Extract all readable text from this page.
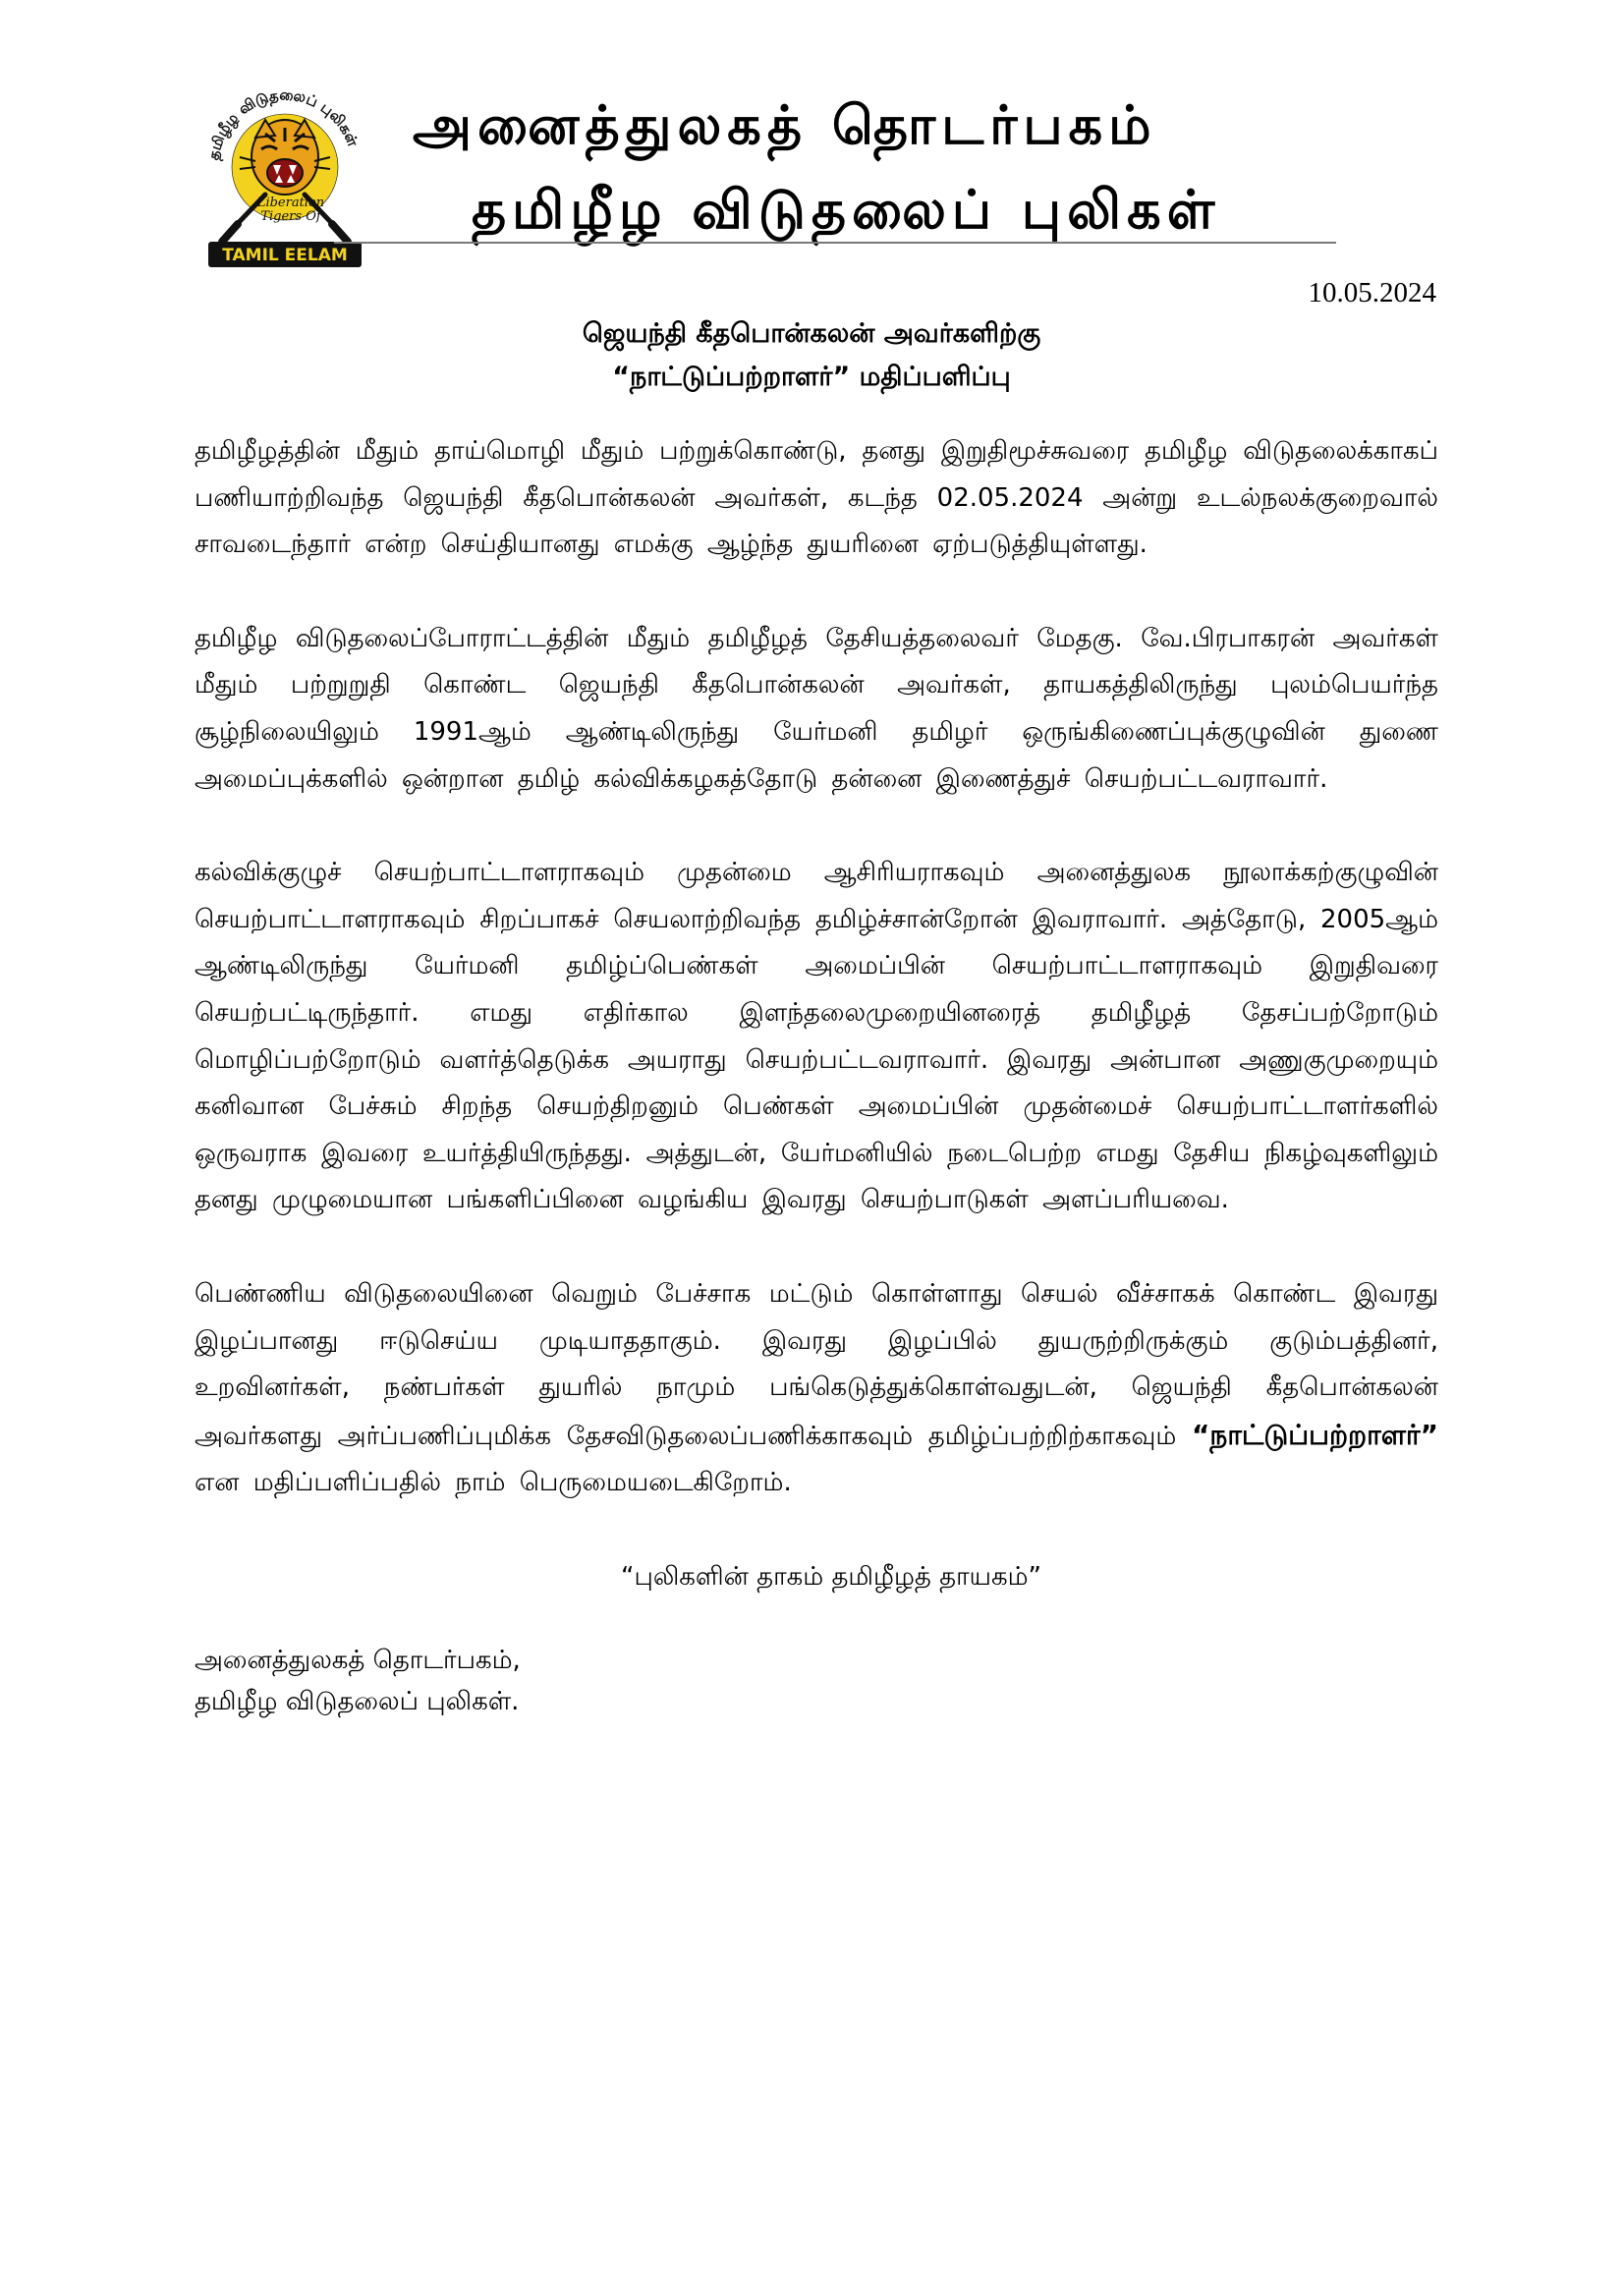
தமிழீழ விடுதலைப் புலிகள்
Liberation
Tigers Of
TAMIL EELAM
அனைத்துலகத் தொடர்பகம்
தமிழீழ விடுதலைப் புலிகள்
10.05.2024
ஜெயந்தி கீதபொன்கலன் அவர்களிற்கு
“நாட்டுப்பற்றாளர்” மதிப்பளிப்பு

தமிழீழத்தின் மீதும் தாய்மொழி மீதும் பற்றுக்கொண்டு, தனது இறுதிமூச்சுவரை தமிழீழ விடுதலைக்காகப் பணியாற்றிவந்த ஜெயந்தி கீதபொன்கலன் அவர்கள், கடந்த 02.05.2024 அன்று உடல்நலக்குறைவால் சாவடைந்தார் என்ற செய்தியானது எமக்கு ஆழ்ந்த துயரினை ஏற்படுத்தியுள்ளது.

தமிழீழ விடுதலைப்போராட்டத்தின் மீதும் தமிழீழத் தேசியத்தலைவர் மேதகு. வே.பிரபாகரன் அவர்கள் மீதும் பற்றுறுதி கொண்ட ஜெயந்தி கீதபொன்கலன் அவர்கள், தாயகத்திலிருந்து புலம்பெயர்ந்த சூழ்நிலையிலும் 1991ஆம் ஆண்டிலிருந்து யேர்மனி தமிழர் ஒருங்கிணைப்புக்குழுவின் துணை அமைப்புக்களில் ஒன்றான தமிழ் கல்விக்கழகத்தோடு தன்னை இணைத்துச் செயற்பட்டவராவார்.

கல்விக்குழுச் செயற்பாட்டாளராகவும் முதன்மை ஆசிரியராகவும் அனைத்துலக நூலாக்கற்குழுவின் செயற்பாட்டாளராகவும் சிறப்பாகச் செயலாற்றிவந்த தமிழ்ச்சான்றோன் இவராவார். அத்தோடு, 2005ஆம் ஆண்டிலிருந்து யேர்மனி தமிழ்ப்பெண்கள் அமைப்பின் செயற்பாட்டாளராகவும் இறுதிவரை செயற்பட்டிருந்தார். எமது எதிர்கால இளந்தலைமுறையினரைத் தமிழீழத் தேசப்பற்றோடும் மொழிப்பற்றோடும் வளர்த்தெடுக்க அயராது செயற்பட்டவராவார். இவரது அன்பான அணுகுமுறையும் கனிவான பேச்சும் சிறந்த செயற்திறனும் பெண்கள் அமைப்பின் முதன்மைச் செயற்பாட்டாளர்களில் ஒருவராக இவரை உயர்த்தியிருந்தது. அத்துடன், யேர்மனியில் நடைபெற்ற எமது தேசிய நிகழ்வுகளிலும் தனது முழுமையான பங்களிப்பினை வழங்கிய இவரது செயற்பாடுகள் அளப்பரியவை.

பெண்ணிய விடுதலையினை வெறும் பேச்சாக மட்டும் கொள்ளாது செயல் வீச்சாகக் கொண்ட இவரது இழப்பானது ஈடுசெய்ய முடியாததாகும். இவரது இழப்பில் துயருற்றிருக்கும் குடும்பத்தினர், உறவினர்கள், நண்பர்கள் துயரில் நாமும் பங்கெடுத்துக்கொள்வதுடன், ஜெயந்தி கீதபொன்கலன் அவர்களது அர்ப்பணிப்புமிக்க தேசவிடுதலைப்பணிக்காகவும் தமிழ்ப்பற்றிற்காகவும் “நாட்டுப்பற்றாளர்” என மதிப்பளிப்பதில் நாம் பெருமையடைகிறோம்.

“புலிகளின் தாகம் தமிழீழத் தாயகம்”
அனைத்துலகத் தொடர்பகம்,
தமிழீழ விடுதலைப் புலிகள்.
